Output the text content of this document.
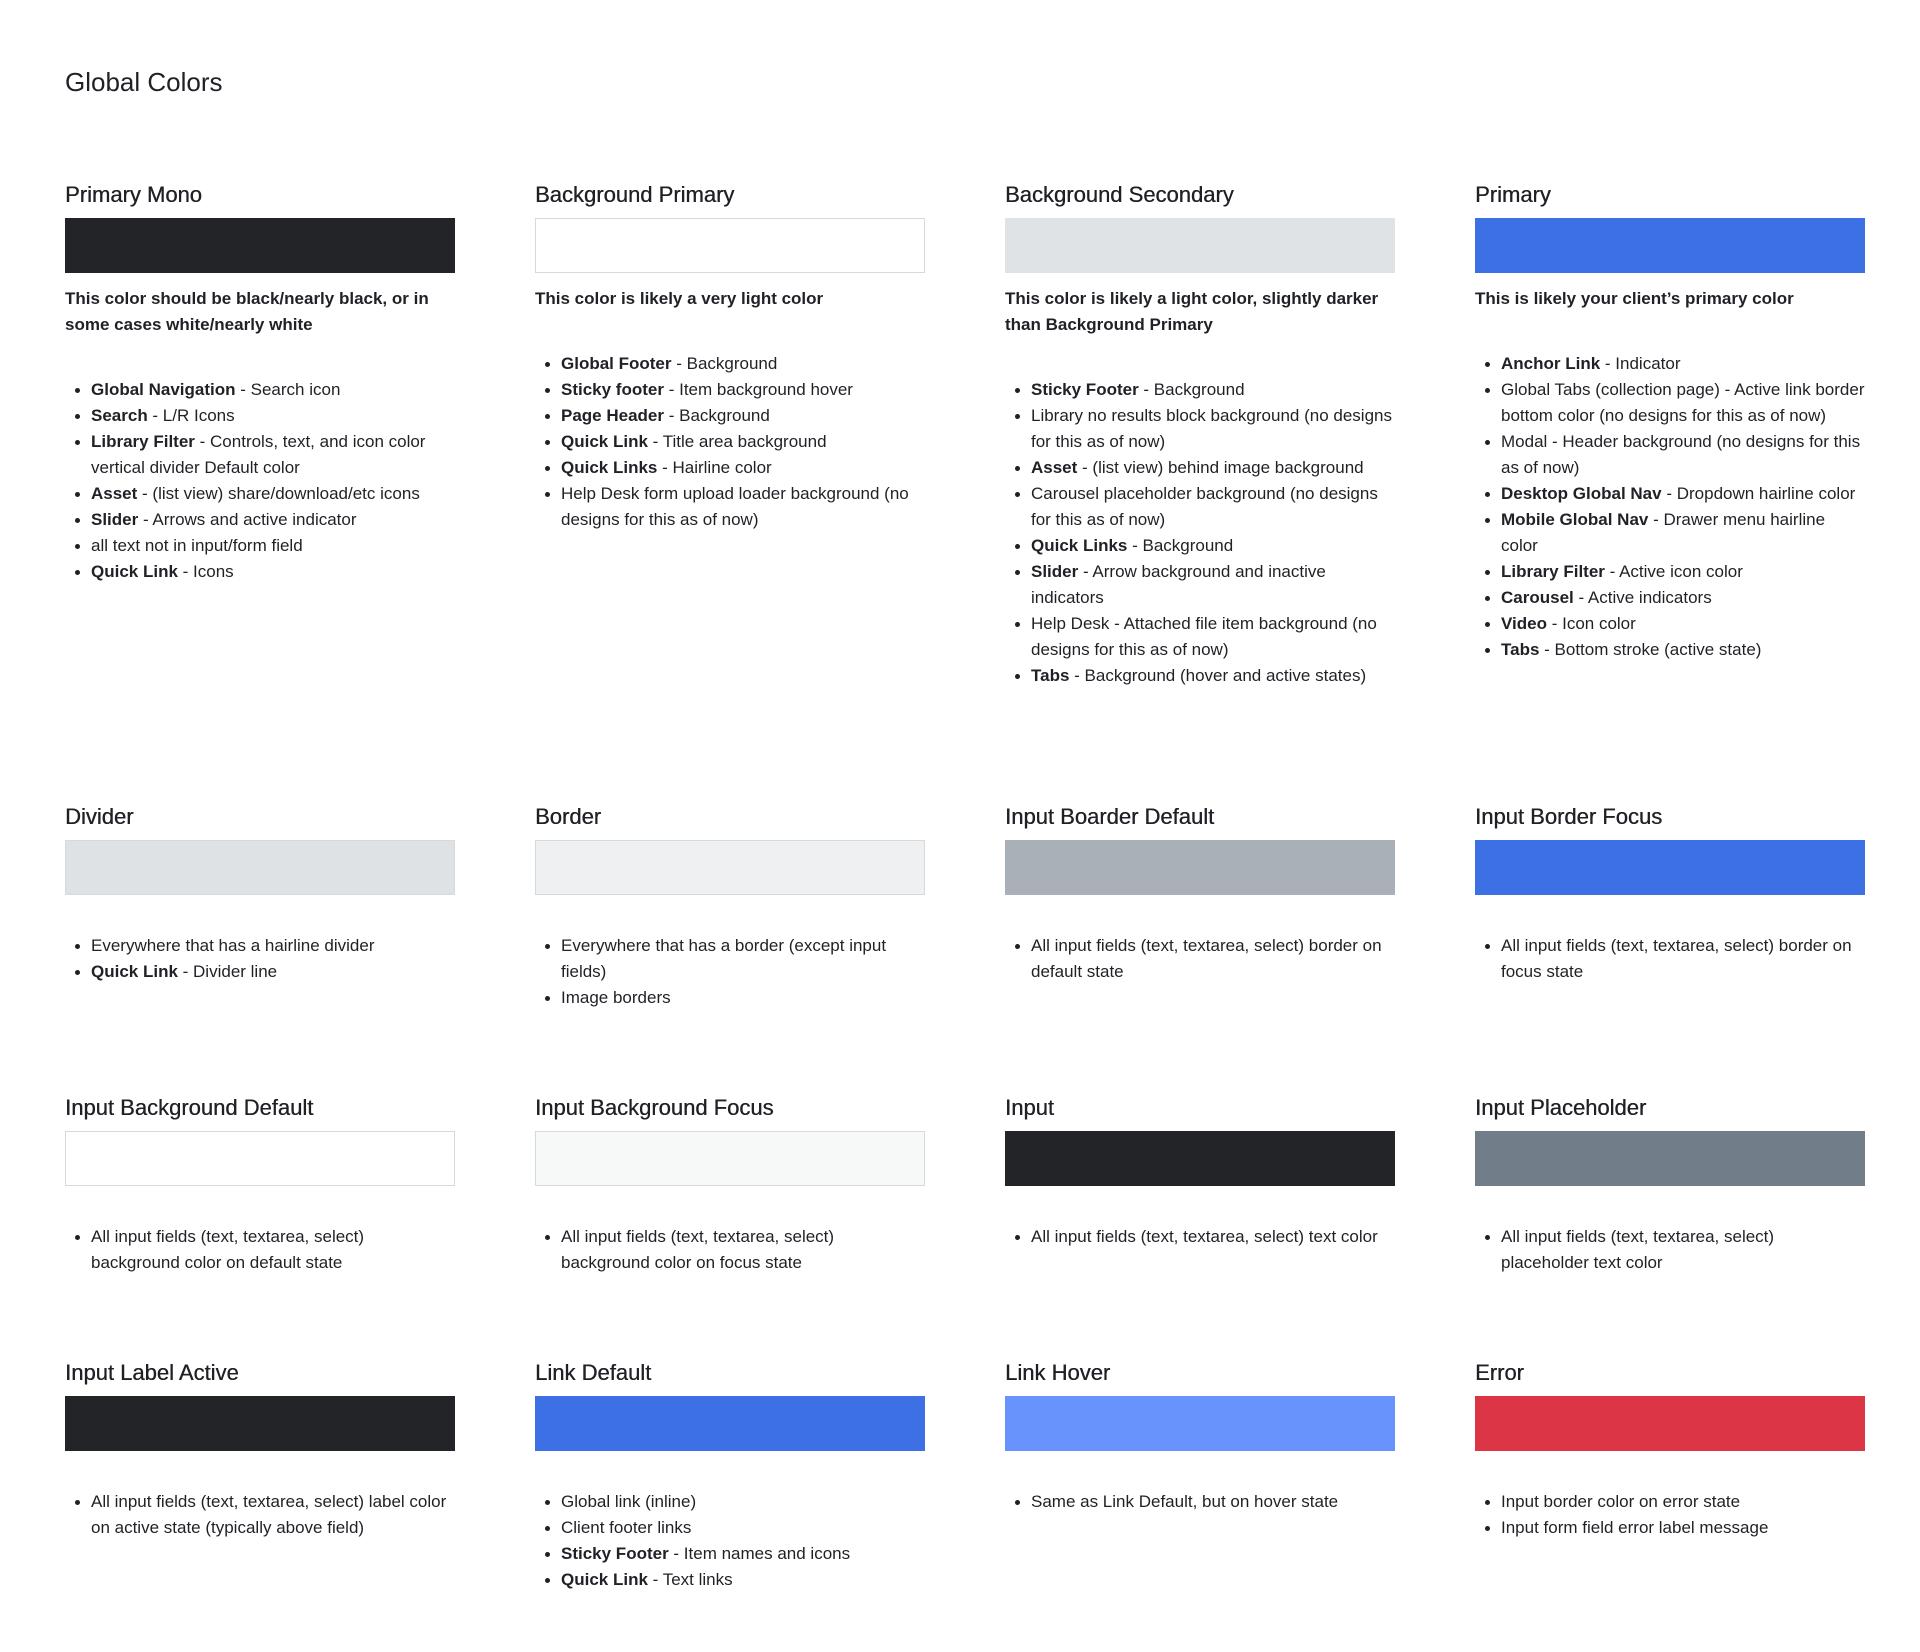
Global Colors
Primary Mono

This color should be black/nearly black, or in some cases white/nearly white

Global Navigation - Search icon
Search - L/R Icons
Library Filter - Controls, text, and icon color vertical divider Default color
Asset - (list view) share/download/etc icons
Slider - Arrows and active indicator
all text not in input/form field
Quick Link - Icons
Background Primary

This color is likely a very light color

Global Footer - Background
Sticky footer - Item background hover
Page Header - Background
Quick Link - Title area background
Quick Links - Hairline color
Help Desk form upload loader background (no designs for this as of now)
Background Secondary

This color is likely a light color, slightly darker than Background Primary

Sticky Footer - Background
Library no results block background (no designs for this as of now)
Asset - (list view) behind image background
Carousel placeholder background (no designs for this as of now)
Quick Links - Background
Slider - Arrow background and inactive indicators
Help Desk - Attached file item background (no designs for this as of now)
Tabs - Background (hover and active states)
Primary

This is likely your client’s primary color

Anchor Link - Indicator
Global Tabs (collection page) - Active link border bottom color (no designs for this as of now)
Modal - Header background (no designs for this as of now)
Desktop Global Nav - Dropdown hairline color
Mobile Global Nav - Drawer menu hairline color
Library Filter - Active icon color
Carousel - Active indicators
Video - Icon color
Tabs - Bottom stroke (active state)
Divider
Everywhere that has a hairline divider
Quick Link - Divider line
Border
Everywhere that has a border (except input fields)
Image borders
Input Boarder Default
All input fields (text, textarea, select) border on default state
Input Border Focus
All input fields (text, textarea, select) border on focus state
Input Background Default
All input fields (text, textarea, select) background color on default state
Input Background Focus
All input fields (text, textarea, select) background color on focus state
Input
All input fields (text, textarea, select) text color
Input Placeholder
All input fields (text, textarea, select) placeholder text color
Input Label Active
All input fields (text, textarea, select) label color on active state (typically above field)
Link Default
Global link (inline)
Client footer links
Sticky Footer - Item names and icons
Quick Link - Text links
Link Hover
Same as Link Default, but on hover state
Error
Input border color on error state
Input form field error label message
